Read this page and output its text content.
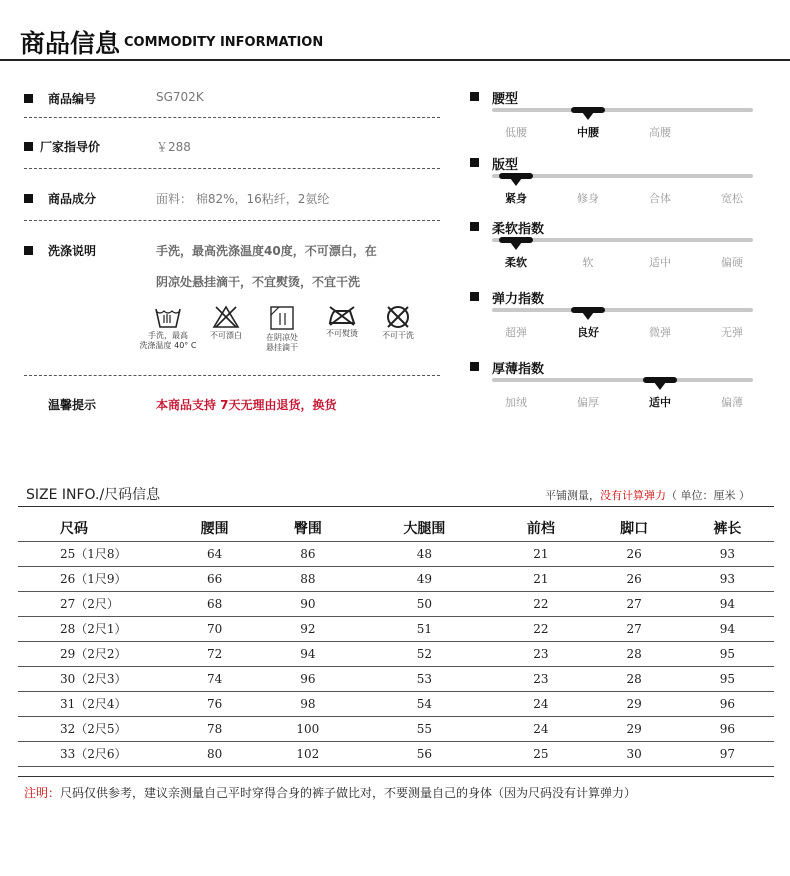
商品信息 COMMODITY INFORMATION
商品编号	SG702K
厂家指导价	￥288
商品成分	面料： 棉82%，16粘纤，2氨纶
洗涤说明	手洗，最高洗涤温度40度，不可漂白，在
阴凉处悬挂滴干，不宜熨烫，不宜干洗
手洗，最高
洗涤温度 40° C
不可漂白	在阴凉处
悬挂滴干
不可熨烫	不可干洗
温馨提示	本商品支持 7天无理由退货，换货
腰型
低腰	中腰	高腰
版型
紧身	修身	合体	宽松
柔软指数
柔软	软	适中	偏硬
弹力指数
超弹	良好	微弹	无弹
厚薄指数
加绒	偏厚	适中	偏薄
SIZE INFO./尺码信息	平铺测量，没有计算弹力（ 单位：厘米 ）
尺码	腰围	臀围	大腿围	前档	脚口	裤长
25（1尺8）	64	86	48	21	26	93
26（1尺9）	66	88	49	21	26	93
27（2尺）	68	90	50	22	27	94
28（2尺1）	70	92	51	22	27	94
29（2尺2）	72	94	52	23	28	95
30（2尺3）	74	96	53	23	28	95
31（2尺4）	76	98	54	24	29	96
32（2尺5）	78	100	55	24	29	96
33（2尺6）	80	102	56	25	30	97
注明：尺码仅供参考，建议亲测量自己平时穿得合身的裤子做比对，不要测量自己的身体（因为尺码没有计算弹力）
